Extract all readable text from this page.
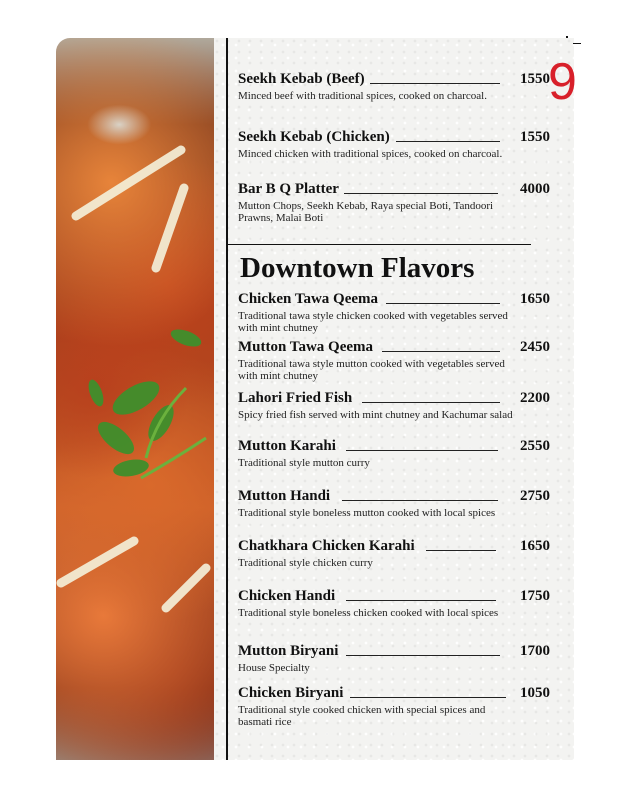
9
Downtown Flavors
Seekh Kebab (Beef)	1550
Minced beef with traditional spices, cooked on charcoal.
Seekh Kebab (Chicken)	1550
Minced chicken with traditional spices, cooked on charcoal.
Bar B Q Platter	4000
Mutton Chops, Seekh Kebab, Raya special Boti, Tandoori Prawns, Malai Boti
Chicken Tawa Qeema	1650
Traditional tawa style chicken cooked with vegetables served with mint chutney
Mutton Tawa Qeema	2450
Traditional tawa style mutton cooked with vegetables served with mint chutney
Lahori Fried Fish	2200
Spicy fried fish served with mint chutney and Kachumar salad
Mutton Karahi	2550
Traditional style mutton curry
Mutton Handi	2750
Traditional style boneless mutton cooked with local spices
Chatkhara Chicken Karahi	1650
Traditional style chicken curry
Chicken Handi	1750
Traditional style boneless chicken cooked with local spices
Mutton Biryani	1700
House Specialty
Chicken Biryani	1050
Traditional style cooked chicken with special spices and basmati rice
